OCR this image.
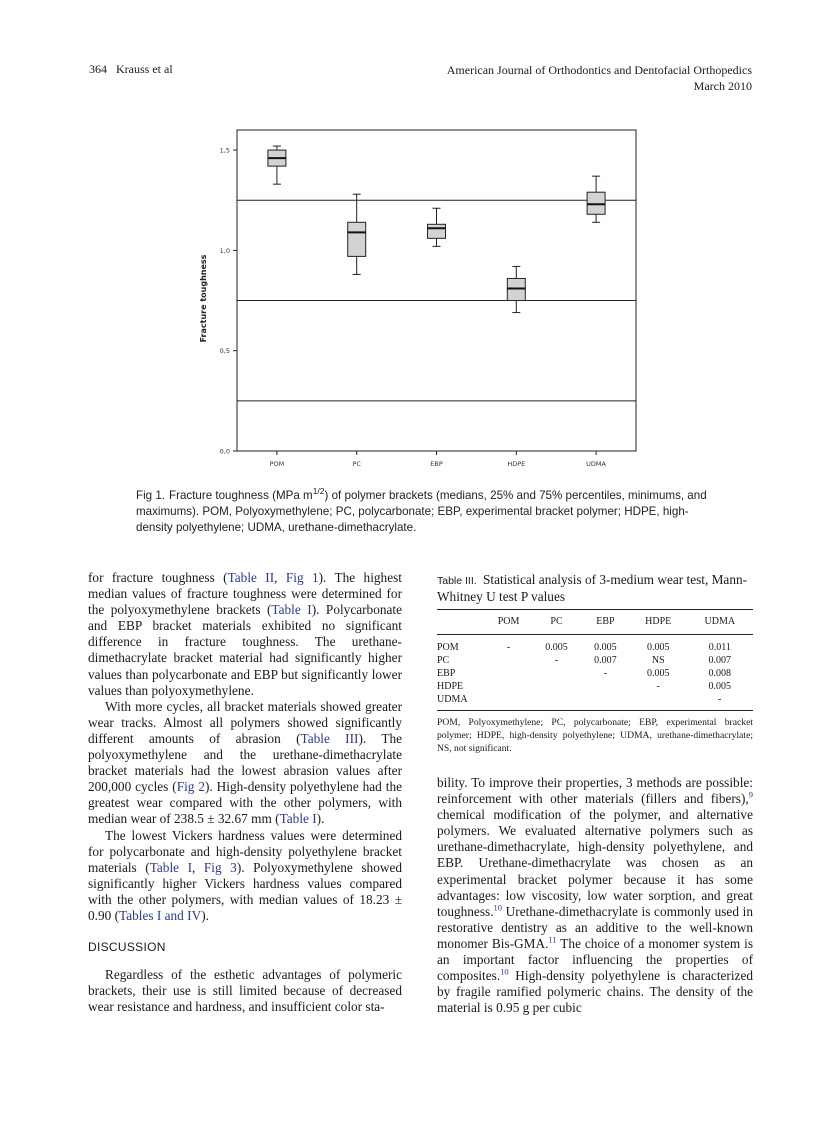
364 Krauss et al	American Journal of Orthodontics and Dentofacial Orthopedics
March 2010
0,0
0,5
1,0
1,5
Fracture toughness
POM	PC	EBP	HDPE	UDMA
Fig 1. Fracture toughness (MPa $m^{1/2}$) of polymer brackets (medians, 25% and 75% percentiles, minimums, and maximums). POM, Polyoxymethylene; PC, polycarbonate; EBP, experimental bracket polymer; HDPE, high-density polyethylene; UDMA, urethane-dimethacrylate.

for fracture toughness (Table II, Fig 1). The highest median values of fracture toughness were determined for the polyoxymethylene brackets (Table I). Polycarbonate and EBP bracket materials exhibited no significant difference in fracture toughness. The urethane-dimethacrylate bracket material had significantly higher values than polycarbonate and EBP but significantly lower values than polyoxymethylene.

With more cycles, all bracket materials showed greater wear tracks. Almost all polymers showed significantly different amounts of abrasion (Table III). The polyoxymethylene and the urethane-dimethacrylate bracket materials had the lowest abrasion values after 200,000 cycles (Fig 2). High-density polyethylene had the greatest wear compared with the other polymers, with median wear of 238.5 ± 32.67 mm (Table I).

The lowest Vickers hardness values were determined for polycarbonate and high-density polyethylene bracket materials (Table I, Fig 3). Polyoxymethylene showed significantly higher Vickers hardness values compared with the other polymers, with median values of 18.23 ± 0.90 (Tables I and IV).

DISCUSSION

Regardless of the esthetic advantages of polymeric brackets, their use is still limited because of decreased wear resistance and hardness, and insufficient color sta-

Table III. Statistical analysis of 3-medium wear test, Mann-Whitney U test P values
	POM	PC	EBP	HDPE	UDMA
POM	-	0.005	0.005	0.005	0.011
PC		-	0.007	NS	0.007
EBP			-	0.005	0.008
HDPE				-	0.005
UDMA					-
POM, Polyoxymethylene; PC, polycarbonate; EBP, experimental bracket polymer; HDPE, high-density polyethylene; UDMA, urethane-dimethacrylate; NS, not significant.

bility. To improve their properties, 3 methods are possible: reinforcement with other materials (fillers and fibers),$^9$ chemical modification of the polymer, and alternative polymers. We evaluated alternative polymers such as urethane-dimethacrylate, high-density polyethylene, and EBP. Urethane-dimethacrylate was chosen as an experimental bracket polymer because it has some advantages: low viscosity, low water sorption, and great toughness.$^{10}$ Urethane-dimethacrylate is commonly used in restorative dentistry as an additive to the well-known monomer Bis-GMA.$^{11}$ The choice of a monomer system is an important factor influencing the properties of composites.$^{10}$ High-density polyethylene is characterized by fragile ramified polymeric chains. The density of the material is 0.95 g per cubic
